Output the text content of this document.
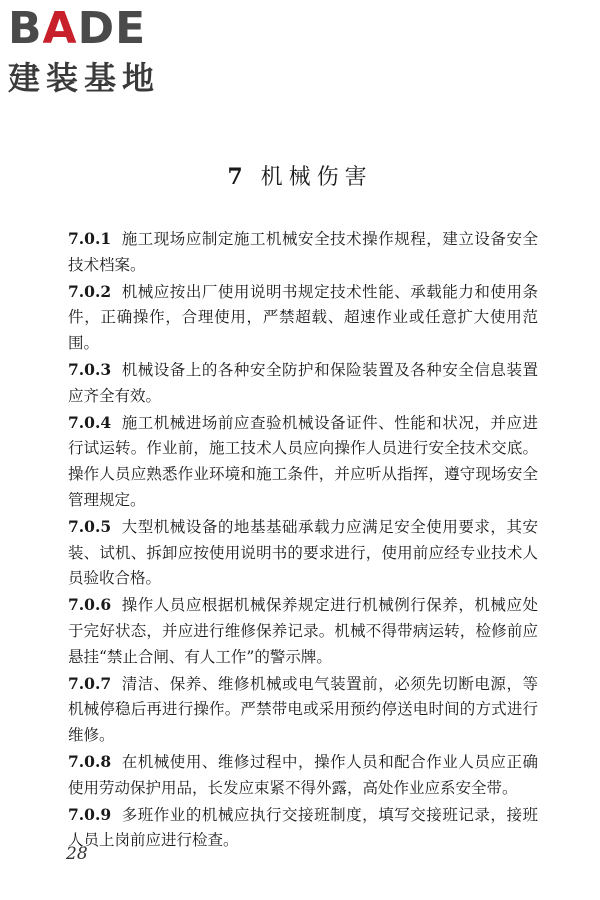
BADE
建装基地
7 机械伤害
7.0.1 施工现场应制定施工机械安全技术操作规程，建立设备安全技术档案。
7.0.2 机械应按出厂使用说明书规定技术性能、承载能力和使用条件，正确操作，合理使用，严禁超载、超速作业或任意扩大使用范围。
7.0.3 机械设备上的各种安全防护和保险装置及各种安全信息装置应齐全有效。
7.0.4 施工机械进场前应查验机械设备证件、性能和状况，并应进行试运转。作业前，施工技术人员应向操作人员进行安全技术交底。操作人员应熟悉作业环境和施工条件，并应听从指挥，遵守现场安全管理规定。
7.0.5 大型机械设备的地基基础承载力应满足安全使用要求，其安装、试机、拆卸应按使用说明书的要求进行，使用前应经专业技术人员验收合格。
7.0.6 操作人员应根据机械保养规定进行机械例行保养，机械应处于完好状态，并应进行维修保养记录。机械不得带病运转，检修前应悬挂“禁止合闸、有人工作”的警示牌。
7.0.7 清洁、保养、维修机械或电气装置前，必须先切断电源，等机械停稳后再进行操作。严禁带电或采用预约停送电时间的方式进行维修。
7.0.8 在机械使用、维修过程中，操作人员和配合作业人员应正确使用劳动保护用品，长发应束紧不得外露，高处作业应系安全带。
7.0.9 多班作业的机械应执行交接班制度，填写交接班记录，接班人员上岗前应进行检查。
28
